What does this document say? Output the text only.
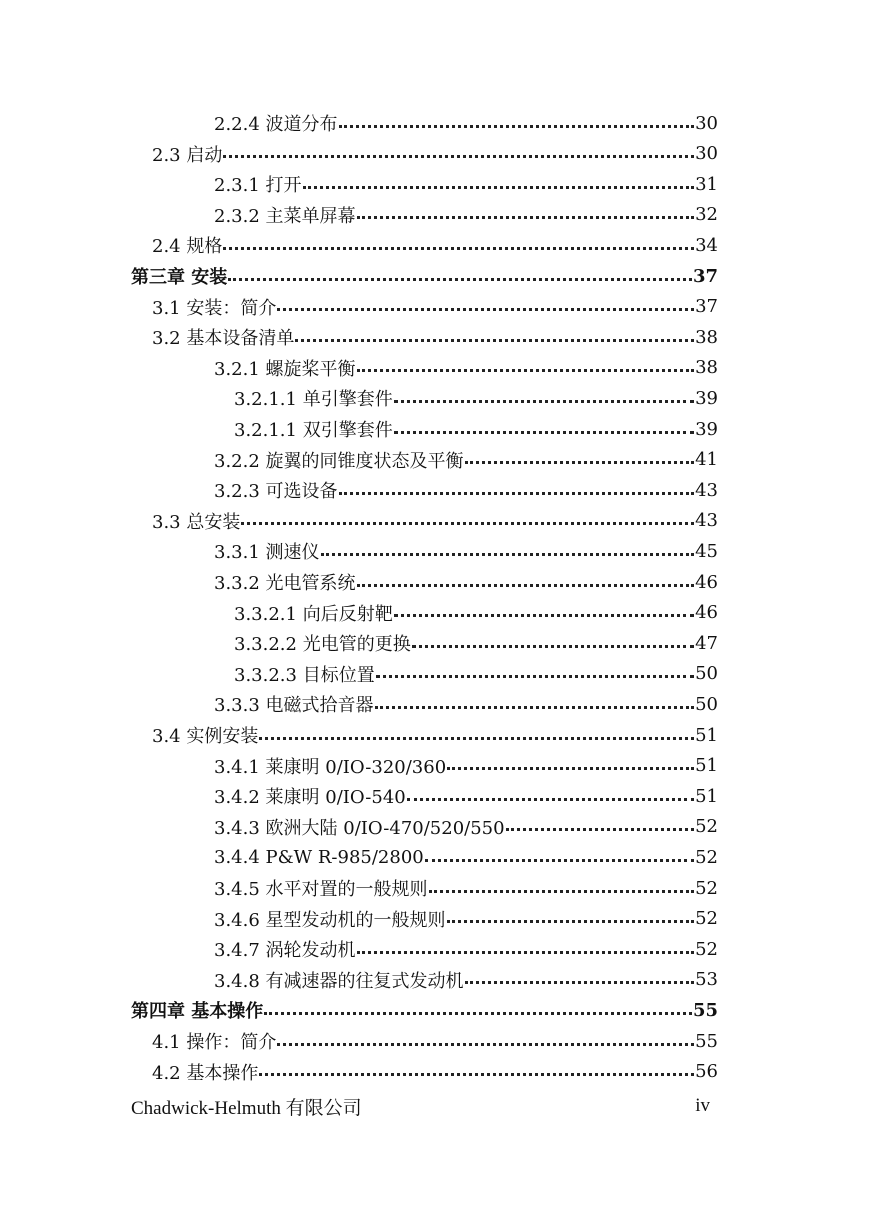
2.2.4 波道分布	30
2.3 启动	30
2.3.1 打开	31
2.3.2 主菜单屏幕	32
2.4 规格	34
第三章 安装	37
3.1 安装：简介	37
3.2 基本设备清单	38
3.2.1 螺旋桨平衡	38
3.2.1.1 单引擎套件	39
3.2.1.1 双引擎套件	39
3.2.2 旋翼的同锥度状态及平衡	41
3.2.3 可选设备	43
3.3 总安装	43
3.3.1 测速仪	45
3.3.2 光电管系统	46
3.3.2.1 向后反射靶	46
3.3.2.2 光电管的更换	47
3.3.2.3 目标位置	50
3.3.3 电磁式拾音器	50
3.4 实例安装	51
3.4.1 莱康明 0/IO-320/360	51
3.4.2 莱康明 0/IO-540	51
3.4.3 欧洲大陆 0/IO-470/520/550	52
3.4.4 P&W R-985/2800	52
3.4.5 水平对置的一般规则	52
3.4.6 星型发动机的一般规则	52
3.4.7 涡轮发动机	52
3.4.8 有减速器的往复式发动机	53
第四章 基本操作	55
4.1 操作：简介	55
4.2 基本操作	56
Chadwick-Helmuth 有限公司	iv
